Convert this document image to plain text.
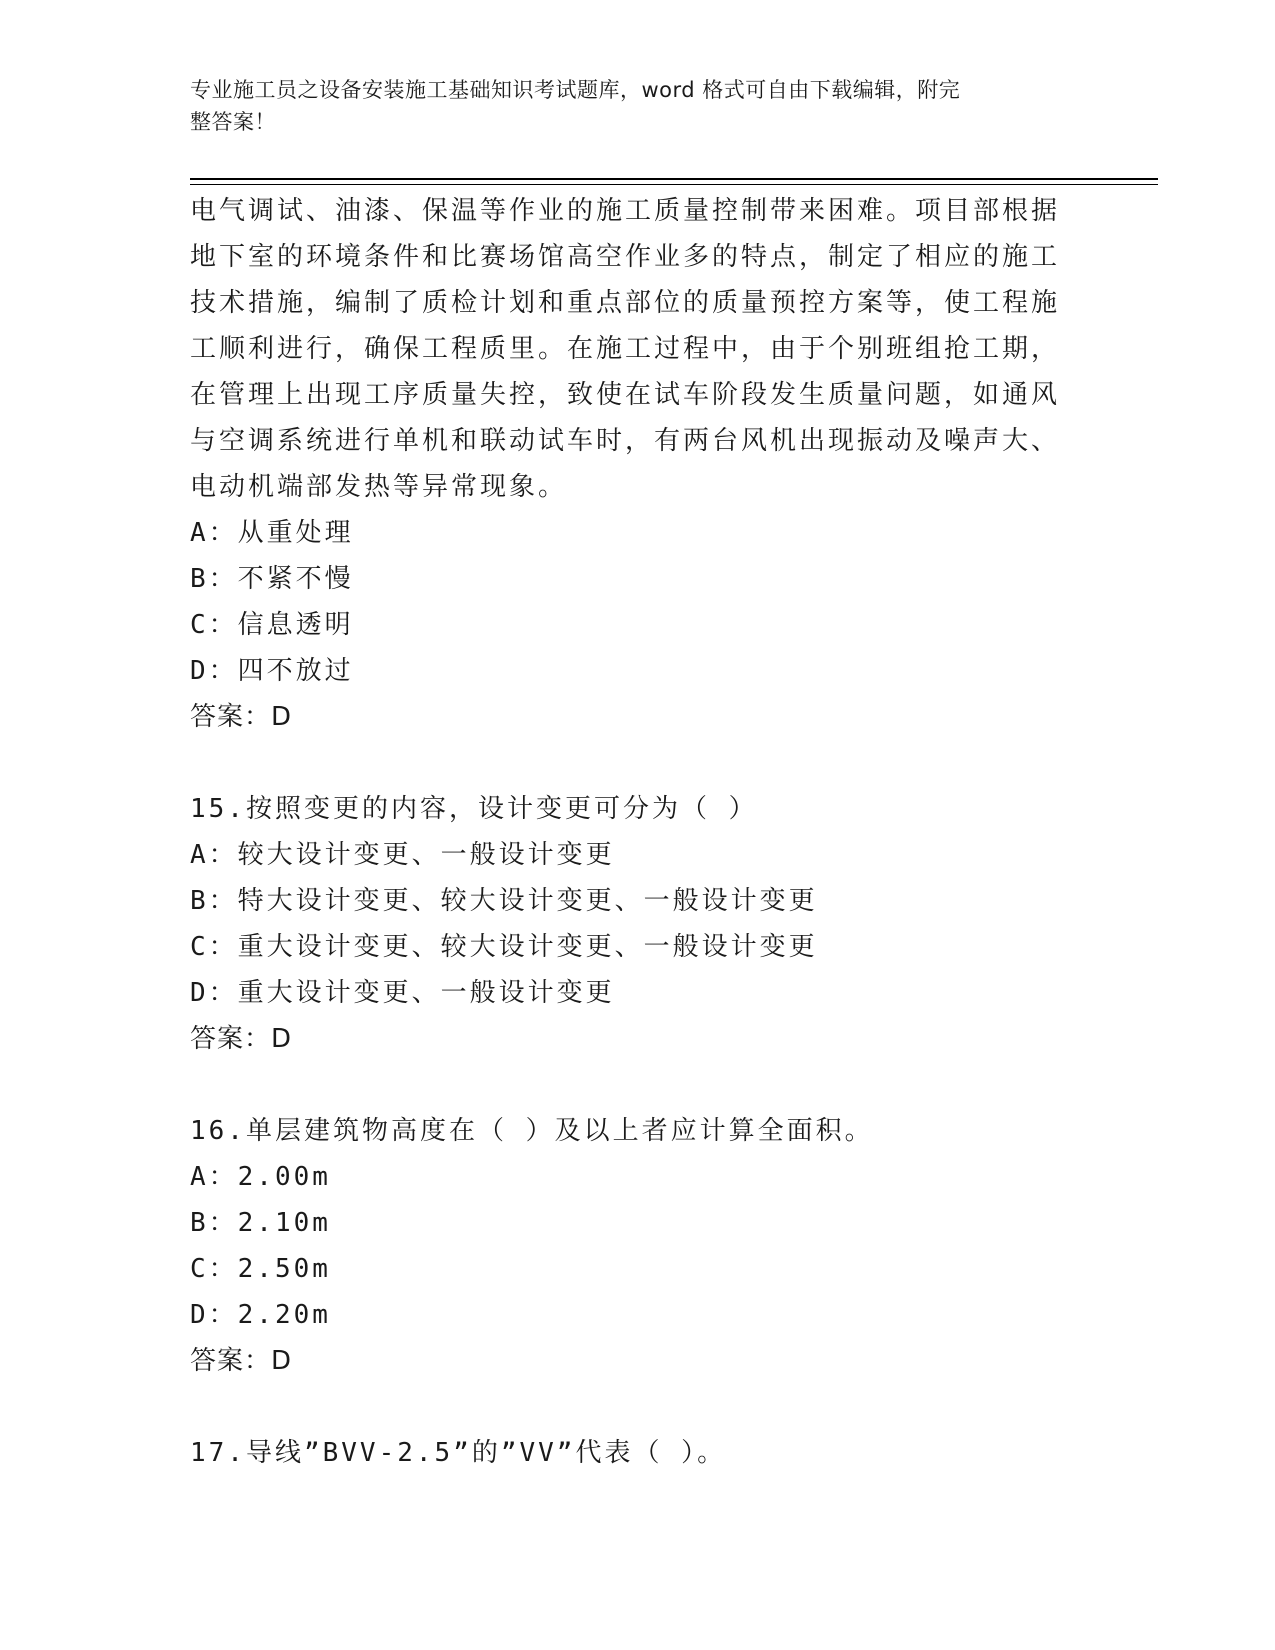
专业施工员之设备安装施工基础知识考试题库，word 格式可自由下载编辑，附完
整答案！
电气调试、油漆、保温等作业的施工质量控制带来困难。项目部根据
地下室的环境条件和比赛场馆高空作业多的特点，制定了相应的施工
技术措施，编制了质检计划和重点部位的质量预控方案等，使工程施
工顺利进行，确保工程质里。在施工过程中，由于个别班组抢工期，
在管理上出现工序质量失控，致使在试车阶段发生质量问题，如通风
与空调系统进行单机和联动试车时，有两台风机出现振动及噪声大、
电动机端部发热等异常现象。
A：从重处理
B：不紧不慢
C：信息透明
D：四不放过
答案：D
15.按照变更的内容，设计变更可分为（ ）
A：较大设计变更、一般设计变更
B：特大设计变更、较大设计变更、一般设计变更
C：重大设计变更、较大设计变更、一般设计变更
D：重大设计变更、一般设计变更
答案：D
16.单层建筑物高度在（ ）及以上者应计算全面积。
A：2.00m
B：2.10m
C：2.50m
D：2.20m
答案：D
17.导线”BVV-2.5”的”VV”代表（ ）。
